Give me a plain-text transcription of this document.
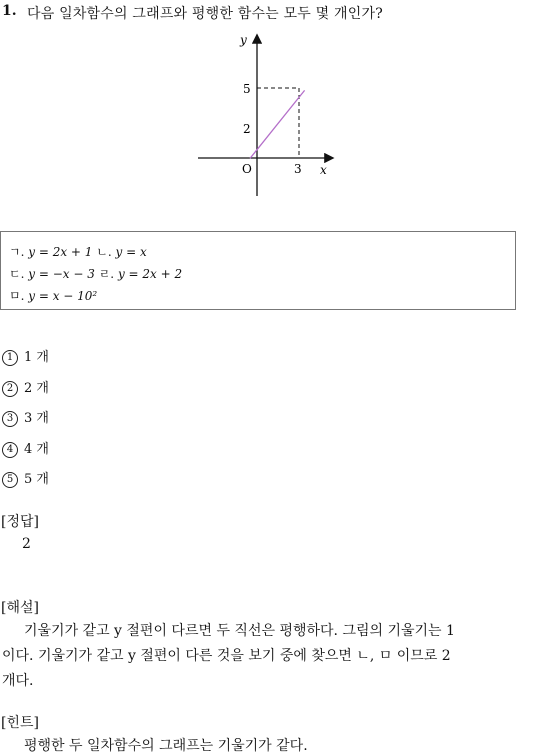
1. 다음 일차함수의 그래프와 평행한 함수는 모두 몇 개인가?
y
x
O	3
2
5
ㄱ. y = 2x + 1 ㄴ. y = x
ㄷ. y = −x − 3 ㄹ. y = 2x + 2
ㅁ. y = x − 10²
1 1 개
2 2 개
3 3 개
4 4 개
5 5 개
[정답]
2
[해설]
기울기가 같고 y 절편이 다르면 두 직선은 평행하다. 그림의 기울기는 1
이다. 기울기가 같고 y 절편이 다른 것을 보기 중에 찾으면 ㄴ, ㅁ 이므로 2
개다.
[힌트]
평행한 두 일차함수의 그래프는 기울기가 같다.
